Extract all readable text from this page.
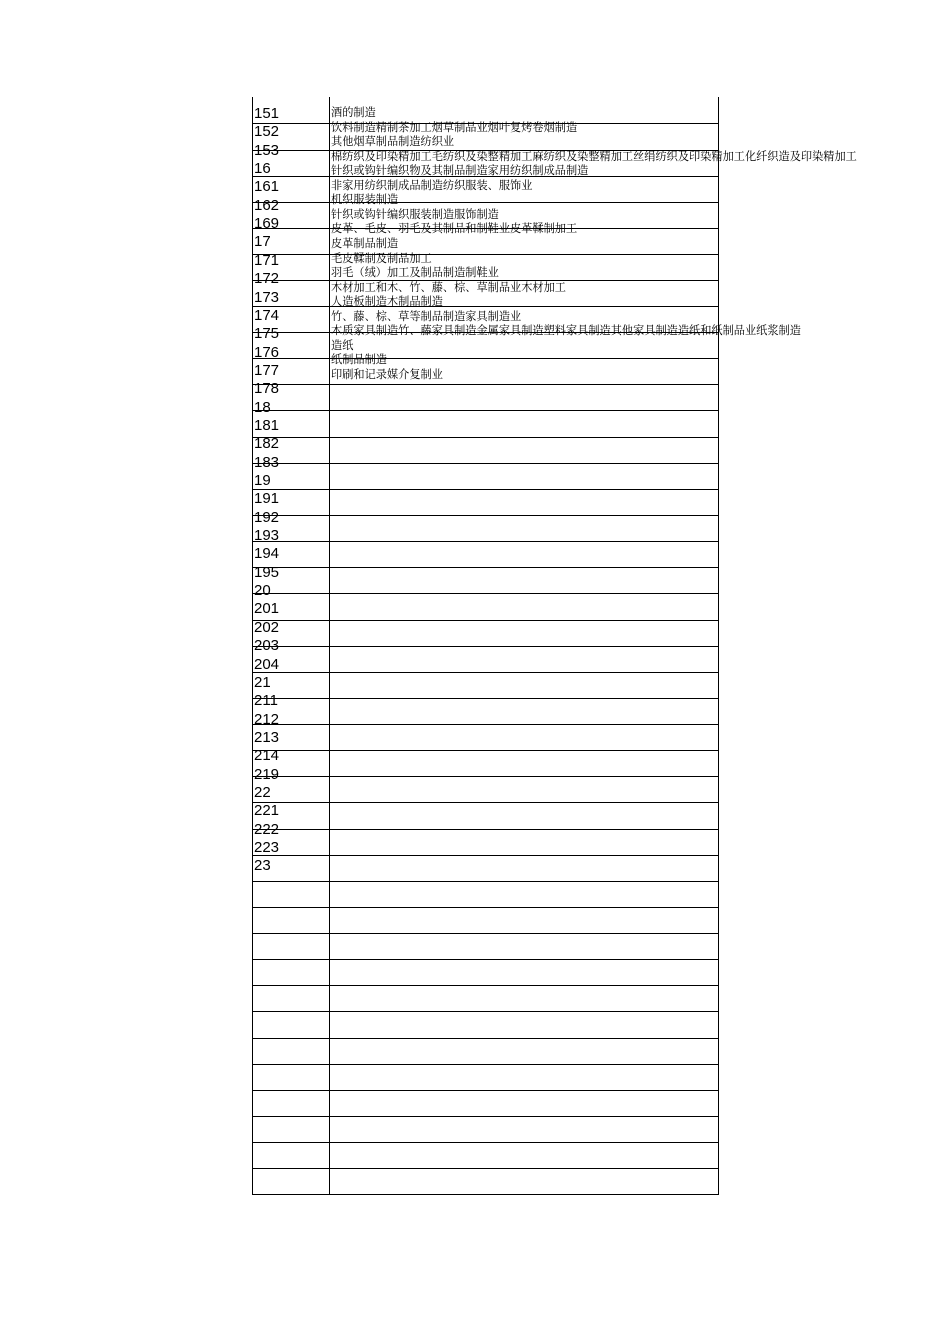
151
152
153
16
161
162
169
17
171
172
173
174
175
176
177
178
18
181
182
183
19
191
192
193
194
195
20
201
202
203
204
21
211
212
213
214
219
22
221
222
223
23
酒的制造
饮料制造精制茶加工烟草制品业烟叶复烤卷烟制造
其他烟草制品制造纺织业
棉纺织及印染精加工毛纺织及染整精加工麻纺织及染整精加工丝绢纺织及印染精加工化纤织造及印染精加工
针织或钩针编织物及其制品制造家用纺织制成品制造
非家用纺织制成品制造纺织服装、服饰业
机织服装制造
针织或钩针编织服装制造服饰制造
皮革、毛皮、羽毛及其制品和制鞋业皮革鞣制加工
皮革制品制造
毛皮鞣制及制品加工
羽毛（绒）加工及制品制造制鞋业
木材加工和木、竹、藤、棕、草制品业木材加工
人造板制造木制品制造
竹、藤、棕、草等制品制造家具制造业
木质家具制造竹、藤家具制造金属家具制造塑料家具制造其他家具制造造纸和纸制品业纸浆制造
造纸
纸制品制造
印刷和记录媒介复制业
